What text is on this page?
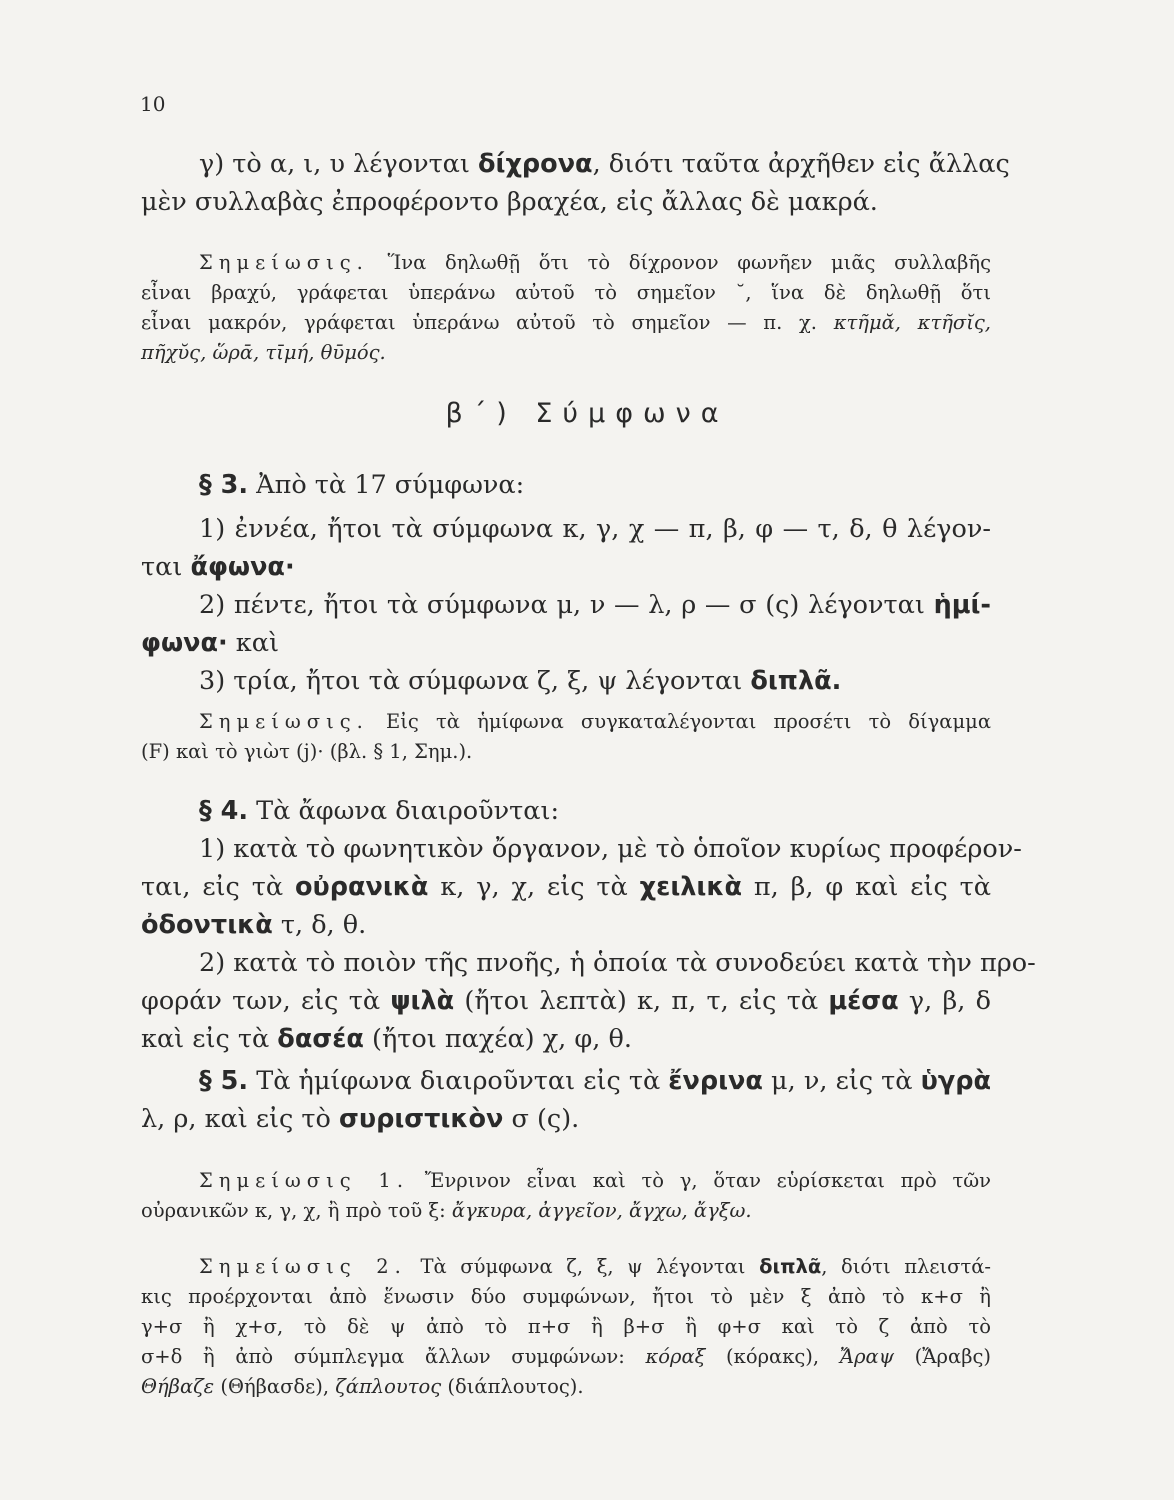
10
γ) τὸ α, ι, υ λέγονται δίχρονα, διότι ταῦτα ἀρχῆθεν εἰς ἄλλας
μὲν συλλαβὰς ἐπροφέροντο βραχέα, εἰς ἄλλας δὲ μακρά.
Σημείωσις. Ἵνα δηλωθῇ ὅτι τὸ δίχρονον φωνῆεν μιᾶς συλλαβῆς
εἶναι βραχύ, γράφεται ὑπεράνω αὐτοῦ τὸ σημεῖον ˘, ἵνα δὲ δηλωθῇ ὅτι
εἶναι μακρόν, γράφεται ὑπεράνω αὐτοῦ τὸ σημεῖον — π. χ. κτῆμᾰ, κτῆσῐς,
πῆχῠς, ὥρᾱ, τῑμή, θῡμός.
β΄) Σύμφωνα
§ 3. Ἀπὸ τὰ 17 σύμφωνα:
1) ἐννέα, ἤτοι τὰ σύμφωνα κ, γ, χ — π, β, φ — τ, δ, θ λέγον-
ται ἄφωνα·
2) πέντε, ἤτοι τὰ σύμφωνα μ, ν — λ, ρ — σ (ς) λέγονται ἡμί-
φωνα· καὶ
3) τρία, ἤτοι τὰ σύμφωνα ζ, ξ, ψ λέγονται διπλᾶ.
Σημείωσις. Εἰς τὰ ἡμίφωνα συγκαταλέγονται προσέτι τὸ δίγαμμα
(F) καὶ τὸ γιὼτ (j)· (βλ. § 1, Σημ.).
§ 4. Τὰ ἄφωνα διαιροῦνται:
1) κατὰ τὸ φωνητικὸν ὄργανον, μὲ τὸ ὁποῖον κυρίως προφέρον-
ται, εἰς τὰ οὐρανικὰ κ, γ, χ, εἰς τὰ χειλικὰ π, β, φ καὶ εἰς τὰ
ὀδοντικὰ τ, δ, θ.
2) κατὰ τὸ ποιὸν τῆς πνοῆς, ἡ ὁποία τὰ συνοδεύει κατὰ τὴν προ-
φοράν των, εἰς τὰ ψιλὰ (ἤτοι λεπτὰ) κ, π, τ, εἰς τὰ μέσα γ, β, δ
καὶ εἰς τὰ δασέα (ἤτοι παχέα) χ, φ, θ.
§ 5. Τὰ ἡμίφωνα διαιροῦνται εἰς τὰ ἔνρινα μ, ν, εἰς τὰ ὑγρὰ
λ, ρ, καὶ εἰς τὸ συριστικὸν σ (ς).
Σημείωσις 1. Ἔνρινον εἶναι καὶ τὸ γ, ὅταν εὑρίσκεται πρὸ τῶν
οὐρανικῶν κ, γ, χ, ἢ πρὸ τοῦ ξ: ἄγκυρα, ἀγγεῖον, ἄγχω, ἄγξω.
Σημείωσις 2. Τὰ σύμφωνα ζ, ξ, ψ λέγονται διπλᾶ, διότι πλειστά-
κις προέρχονται ἀπὸ ἕνωσιν δύο συμφώνων, ἤτοι τὸ μὲν ξ ἀπὸ τὸ κ+σ ἢ
γ+σ ἢ χ+σ, τὸ δὲ ψ ἀπὸ τὸ π+σ ἢ β+σ ἢ φ+σ καὶ τὸ ζ ἀπὸ τὸ
σ+δ ἢ ἀπὸ σύμπλεγμα ἄλλων συμφώνων: κόραξ (κόρακς), Ἄραψ (Ἄραβς)
Θήβαζε (Θήβασδε), ζάπλουτος (διάπλουτος).
